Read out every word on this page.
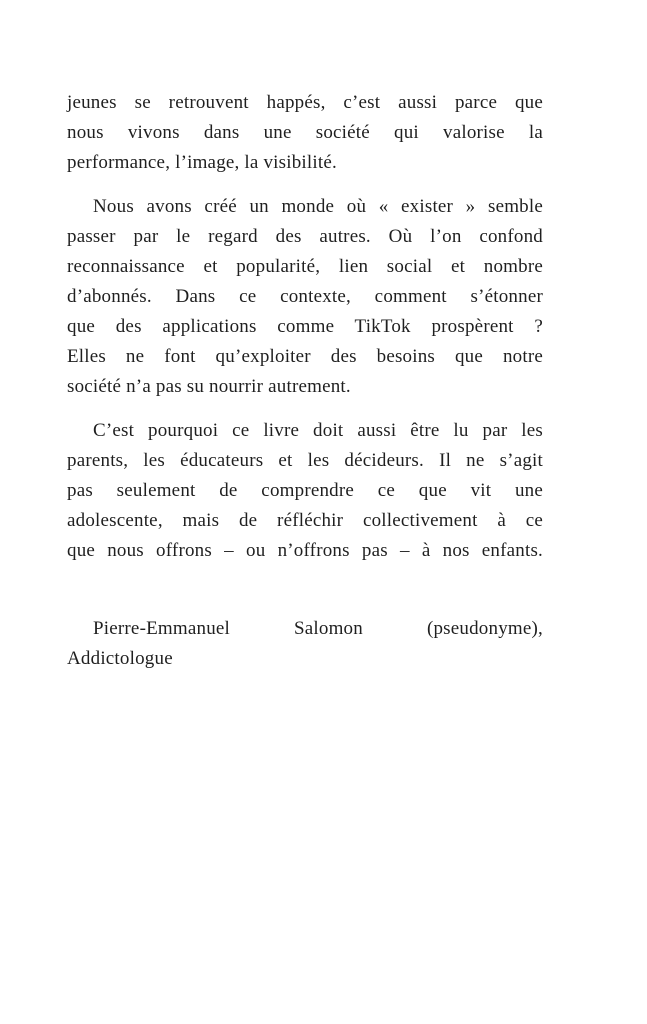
jeunes se retrouvent happés, c’est aussi parce que
nous vivons dans une société qui valorise la
performance, l’image, la visibilité.
Nous avons créé un monde où « exister » semble
passer par le regard des autres. Où l’on confond
reconnaissance et popularité, lien social et nombre
d’abonnés. Dans ce contexte, comment s’étonner
que des applications comme TikTok prospèrent ?
Elles ne font qu’exploiter des besoins que notre
société n’a pas su nourrir autrement.
C’est pourquoi ce livre doit aussi être lu par les
parents, les éducateurs et les décideurs. Il ne s’agit
pas seulement de comprendre ce que vit une
adolescente, mais de réfléchir collectivement à ce
que nous offrons – ou n’offrons pas – à nos enfants.
Pierre-Emmanuel Salomon (pseudonyme),
Addictologue
